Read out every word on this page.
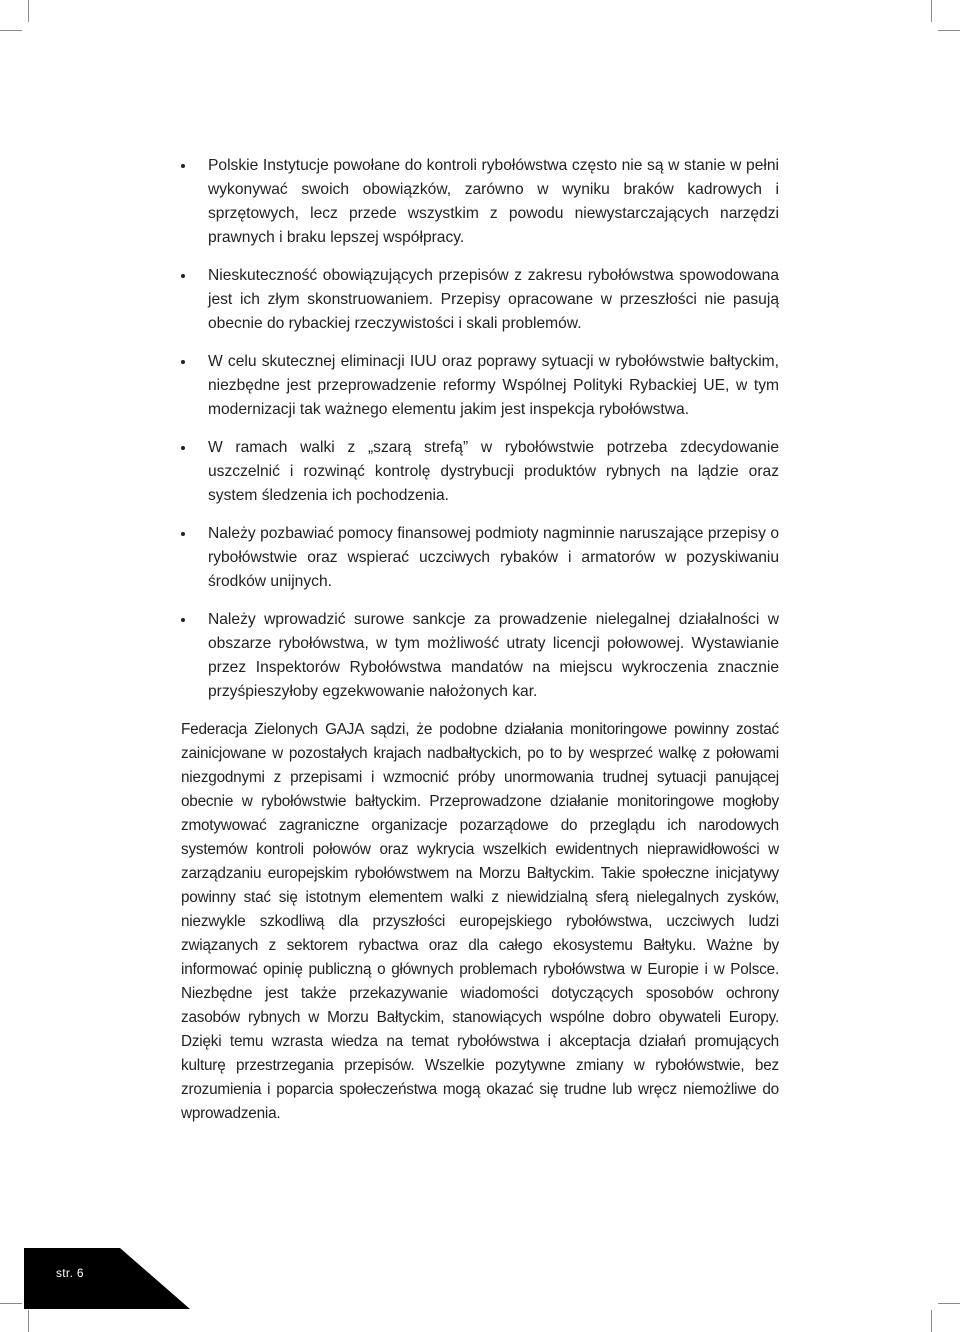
Polskie Instytucje powołane do kontroli rybołówstwa często nie są w stanie w pełni wykonywać swoich obowiązków, zarówno w wyniku braków kadrowych i sprzętowych, lecz przede wszystkim z powodu niewystarczających narzędzi prawnych i braku lepszej współpracy.
Nieskuteczność obowiązujących przepisów z zakresu rybołówstwa spowodowana jest ich złym skonstruowaniem. Przepisy opracowane w przeszłości nie pasują obecnie do rybackiej rzeczywistości i skali problemów.
W celu skutecznej eliminacji IUU oraz poprawy sytuacji w rybołówstwie bałtyckim, niezbędne jest przeprowadzenie reformy Wspólnej Polityki Rybackiej UE, w tym modernizacji tak ważnego elementu jakim jest inspekcja rybołówstwa.
W ramach walki z „szarą strefą” w rybołówstwie potrzeba zdecydowanie uszczelnić i rozwinąć kontrolę dystrybucji produktów rybnych na lądzie oraz system śledzenia ich pochodzenia.
Należy pozbawiać pomocy finansowej podmioty nagminnie naruszające przepisy o rybołówstwie oraz wspierać uczciwych rybaków i armatorów w pozyskiwaniu środków unijnych.
Należy wprowadzić surowe sankcje za prowadzenie nielegalnej działalności w obszarze rybołówstwa, w tym możliwość utraty licencji połowowej. Wystawianie przez Inspektorów Rybołówstwa mandatów na miejscu wykroczenia znacznie przyśpieszyłoby egzekwowanie nałożonych kar.

Federacja Zielonych GAJA sądzi, że podobne działania monitoringowe powinny zostać zainicjowane w pozostałych krajach nadbałtyckich, po to by wesprzeć walkę z połowami niezgodnymi z przepisami i wzmocnić próby unormowania trudnej sytuacji panującej obecnie w rybołówstwie bałtyckim. Przeprowadzone działanie monitoringowe mogłoby zmotywować zagraniczne organizacje pozarządowe do przeglądu ich narodowych systemów kontroli połowów oraz wykrycia wszelkich ewidentnych nieprawidłowości w zarządzaniu europejskim rybołówstwem na Morzu Bałtyckim. Takie społeczne inicjatywy powinny stać się istotnym elementem walki z niewidzialną sferą nielegalnych zysków, niezwykle szkodliwą dla przyszłości europejskiego rybołówstwa, uczciwych ludzi związanych z sektorem rybactwa oraz dla całego ekosystemu Bałtyku. Ważne by informować opinię publiczną o głównych problemach rybołówstwa w Europie i w Polsce. Niezbędne jest także przekazywanie wiadomości dotyczących sposobów ochrony zasobów rybnych w Morzu Bałtyckim, stanowiących wspólne dobro obywateli Europy. Dzięki temu wzrasta wiedza na temat rybołówstwa i akceptacja działań promujących kulturę przestrzegania przepisów. Wszelkie pozytywne zmiany w rybołówstwie, bez zrozumienia i poparcia społeczeństwa mogą okazać się trudne lub wręcz niemożliwe do wprowadzenia.

str. 6
